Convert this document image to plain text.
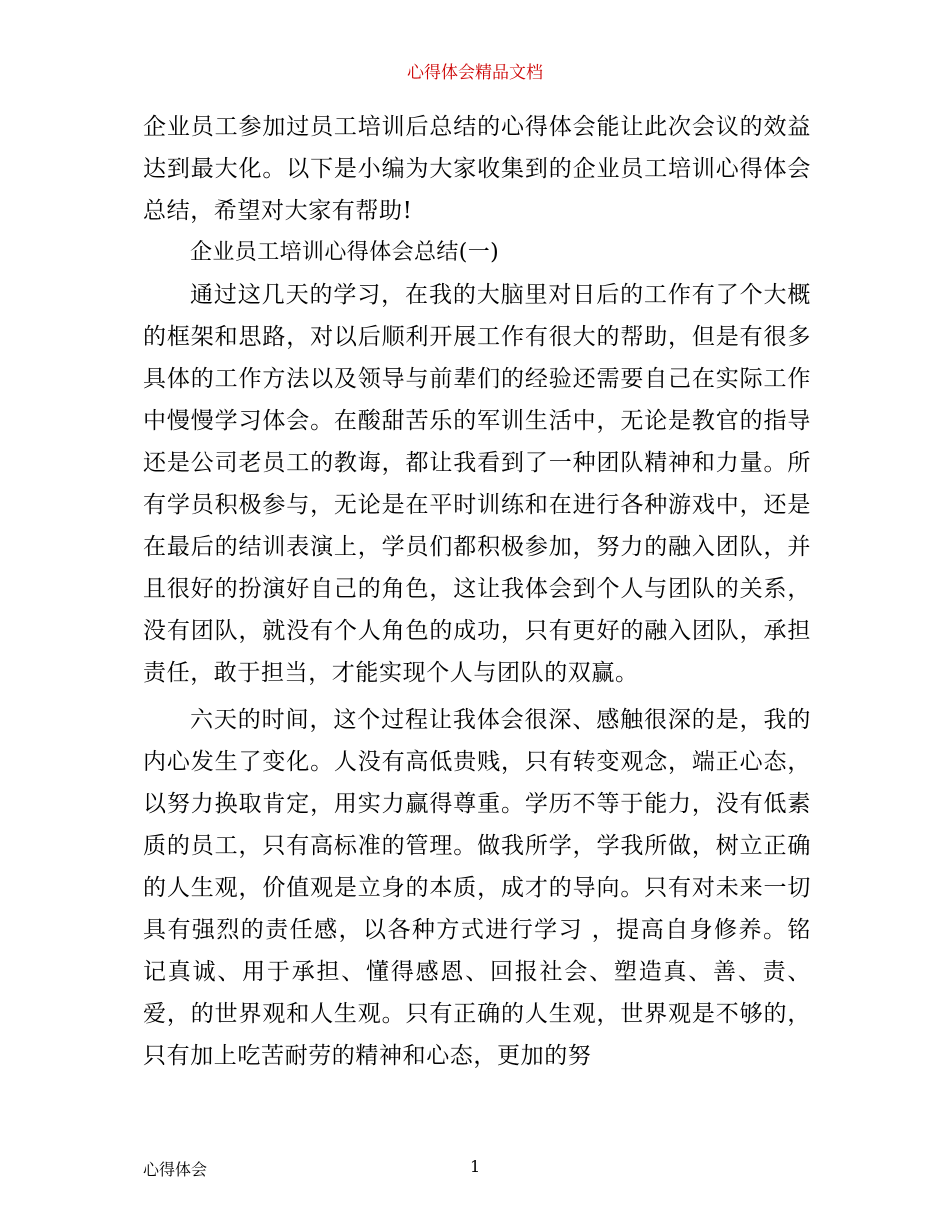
心得体会精品文档

企业员工参加过员工培训后总结的心得体会能让此次会议的效益达到最大化。以下是小编为大家收集到的企业员工培训心得体会总结，希望对大家有帮助!

企业员工培训心得体会总结(一)

通过这几天的学习，在我的大脑里对日后的工作有了个大概的框架和思路，对以后顺利开展工作有很大的帮助，但是有很多具体的工作方法以及领导与前辈们的经验还需要自己在实际工作中慢慢学习体会。在酸甜苦乐的军训生活中，无论是教官的指导还是公司老员工的教诲，都让我看到了一种团队精神和力量。所有学员积极参与，无论是在平时训练和在进行各种游戏中，还是在最后的结训表演上，学员们都积极参加，努力的融入团队，并且很好的扮演好自己的角色，这让我体会到个人与团队的关系，没有团队，就没有个人角色的成功，只有更好的融入团队，承担责任，敢于担当，才能实现个人与团队的双赢。

六天的时间，这个过程让我体会很深、感触很深的是，我的内心发生了变化。人没有高低贵贱，只有转变观念，端正心态，以努力换取肯定，用实力赢得尊重。学历不等于能力，没有低素质的员工，只有高标准的管理。做我所学，学我所做，树立正确的人生观，价值观是立身的本质，成才的导向。只有对未来一切具有强烈的责任感，以各种方式进行学习 ，提高自身修养。铭记真诚、用于承担、懂得感恩、回报社会、塑造真、善、责、爱，的世界观和人生观。只有正确的人生观，世界观是不够的，只有加上吃苦耐劳的精神和心态，更加的努

心得体会	1
